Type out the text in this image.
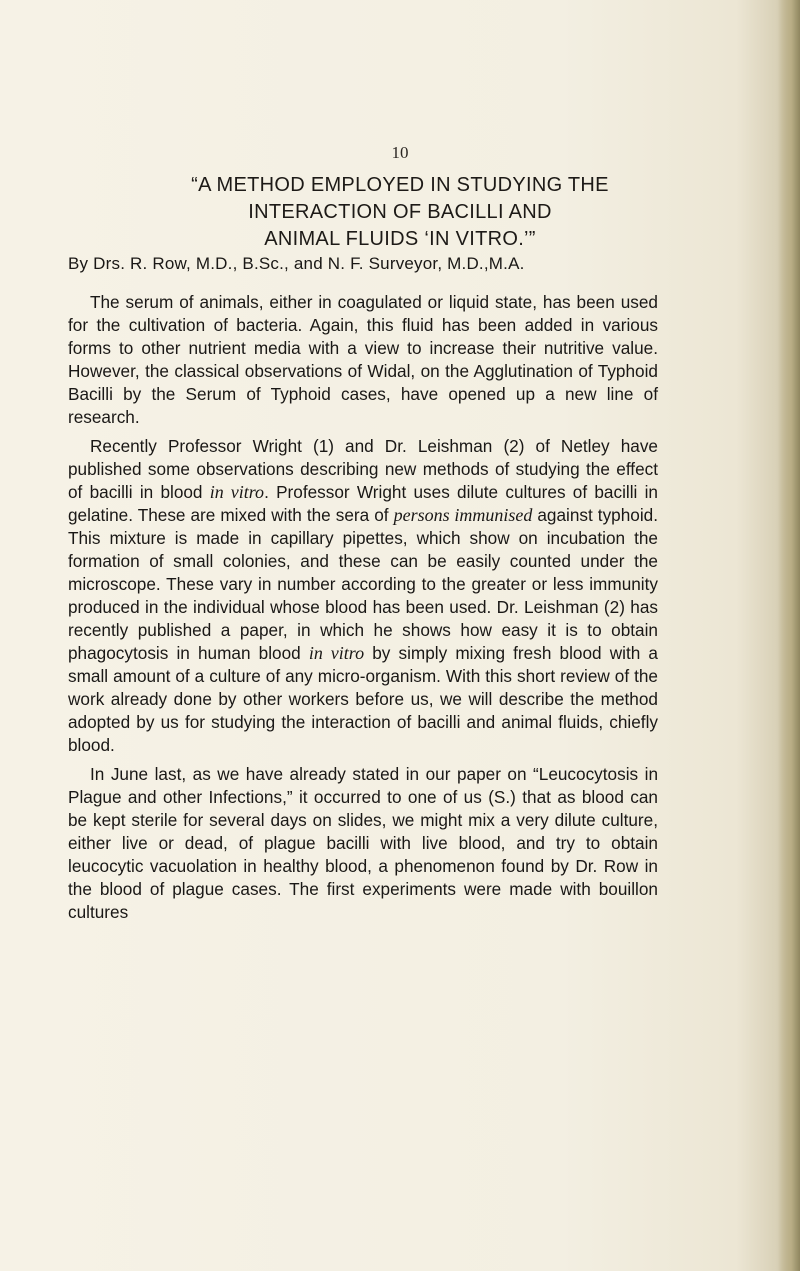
10
“A METHOD EMPLOYED IN STUDYING THE
INTERACTION OF BACILLI AND
ANIMAL FLUIDS ‘IN VITRO.’”
By Drs. R. Row, M.D., B.Sc., and N. F. Surveyor, M.D.,M.A.

The serum of animals, either in coagulated or liquid state, has been used for the cultivation of bacteria. Again, this fluid has been added in various forms to other nutrient media with a view to increase their nutritive value. However, the classical observations of Widal, on the Agglutination of Typhoid Bacilli by the Serum of Typhoid cases, have opened up a new line of research.

Recently Professor Wright (1) and Dr. Leishman (2) of Netley have published some observations describing new methods of studying the effect of bacilli in blood in vitro. Professor Wright uses dilute cultures of bacilli in gelatine. These are mixed with the sera of persons immunised against typhoid. This mixture is made in capillary pipettes, which show on incubation the formation of small colonies, and these can be easily counted under the microscope. These vary in number according to the greater or less immunity produced in the individual whose blood has been used. Dr. Leishman (2) has recently published a paper, in which he shows how easy it is to obtain phagocytosis in human blood in vitro by simply mixing fresh blood with a small amount of a culture of any micro-organism. With this short review of the work already done by other workers before us, we will describe the method adopted by us for studying the interaction of bacilli and animal fluids, chiefly blood.

In June last, as we have already stated in our paper on “Leucocytosis in Plague and other Infections,” it occurred to one of us (S.) that as blood can be kept sterile for several days on slides, we might mix a very dilute culture, either live or dead, of plague bacilli with live blood, and try to obtain leucocytic vacuolation in healthy blood, a phenomenon found by Dr. Row in the blood of plague cases. The first experiments were made with bouillon cultures
